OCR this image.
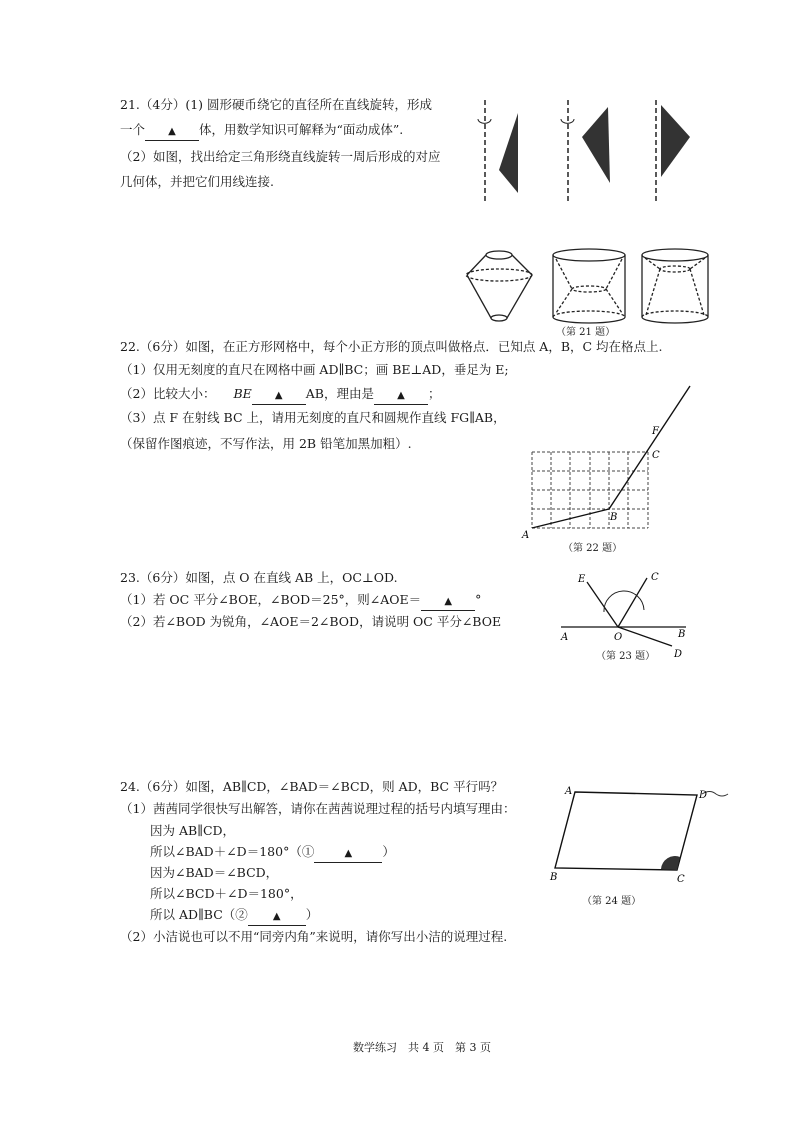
21.（4分）(1) 圆形硬币绕它的直径所在直线旋转，形成
一个 ▲ 体，用数学知识可解释为“面动成体”.
（2）如图，找出给定三角形绕直线旋转一周后形成的对应
几何体，并把它们用线连接.
（第 21 题）
22.（6分）如图，在正方形网格中，每个小正方形的顶点叫做格点．已知点 A，B，C 均在格点上.
（1）仅用无刻度的直尺在网格中画 AD∥BC；画 BE⊥AD，垂足为 E;
（2）比较大小： BE ▲ AB，理由是 ▲ ；
（3）点 F 在射线 BC 上，请用无刻度的直尺和圆规作直线 FG∥AB，
（保留作图痕迹，不写作法，用 2B 铅笔加黑加粗）.
A
B
C
F
（第 22 题）
23.（6分）如图，点 O 在直线 AB 上，OC⊥OD.
（1）若 OC 平分∠BOE，∠BOD＝25°，则∠AOE＝ ▲ °
（2）若∠BOD 为锐角，∠AOE＝2∠BOD，请说明 OC 平分∠BOE
E	C
A	O	B
D
（第 23 题）
24.（6分）如图，AB∥CD，∠BAD＝∠BCD，则 AD，BC 平行吗？
（1）茜茜同学很快写出解答，请你在茜茜说理过程的括号内填写理由：
因为 AB∥CD，
所以∠BAD＋∠D＝180°（①	▲ ）
因为∠BAD＝∠BCD，
所以∠BCD＋∠D＝180°，
所以 AD∥BC（②	▲ ）
（2）小洁说也可以不用“同旁内角”来说明，请你写出小洁的说理过程.
A	D
B	C
（第 24 题）
数学练习　共 4 页　第 3 页
